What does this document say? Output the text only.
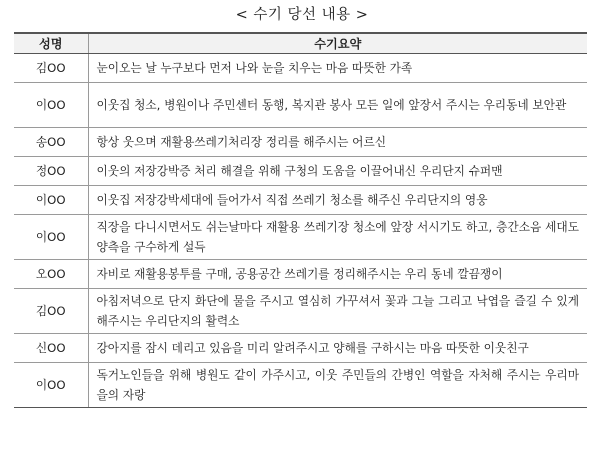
< 수기 당선 내용 >
성명	수기요약
김OO	눈이오는 날 누구보다 먼저 나와 눈을 치우는 마음 따뜻한 가족
이OO	이웃집 청소, 병원이나 주민센터 동행, 복지관 봉사 모든 일에 앞장서 주시는 우리동네 보안관
송OO	항상 웃으며 재활용쓰레기처리장 정리를 해주시는 어르신
정OO	이웃의 저장강박증 처리 해결을 위해 구청의 도움을 이끌어내신 우리단지 슈퍼맨
이OO	이웃집 저장강박세대에 들어가서 직접 쓰레기 청소를 해주신 우리단지의 영웅
이OO	직장을 다니시면서도 쉬는날마다 재활용 쓰레기장 청소에 앞장 서시기도 하고, 층간소음 세대도 양측을 구수하게 설득
오OO	자비로 재활용봉투를 구매, 공용공간 쓰레기를 정리해주시는 우리 동네 깔끔쟁이
김OO	아침저녁으로 단지 화단에 물을 주시고 열심히 가꾸셔서 꽃과 그늘 그리고 낙엽을 즐길 수 있게 해주시는 우리단지의 활력소
신OO	강아지를 잠시 데리고 있음을 미리 알려주시고 양해를 구하시는 마음 따뜻한 이웃친구
이OO	독거노인들을 위해 병원도 같이 가주시고, 이웃 주민들의 간병인 역할을 자처해 주시는 우리마을의 자랑
